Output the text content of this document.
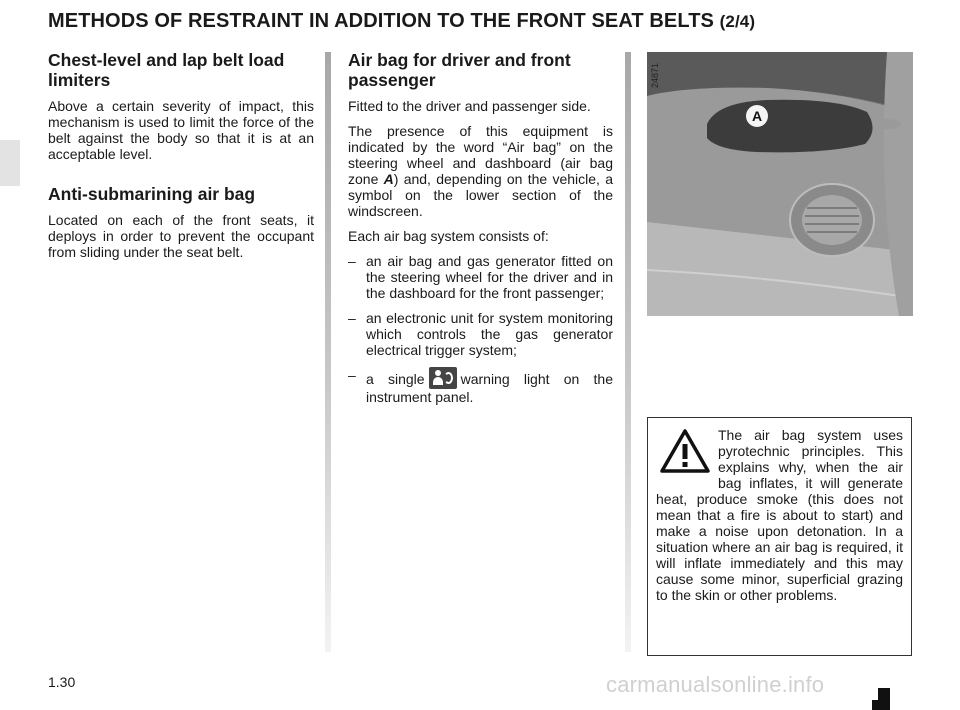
METHODS OF RESTRAINT IN ADDITION TO THE FRONT SEAT BELTS (2/4)
Chest-level and lap belt load limiters

Above a certain severity of impact, this mechanism is used to limit the force of the belt against the body so that it is at an acceptable level.

Anti-submarining air bag

Located on each of the front seats, it deploys in order to prevent the occupant from sliding under the seat belt.

Air bag for driver and front passenger

Fitted to the driver and passenger side.

The presence of this equipment is indicated by the word “Air bag” on the steering wheel and dashboard (air bag zone A) and, depending on the vehicle, a symbol on the lower section of the windscreen.

Each air bag system consists of:

– an air bag and gas generator fitted on the steering wheel for the driver and in the dashboard for the front passenger;
– an electronic unit for system monitoring which controls the gas generator electrical trigger system;
– a single	warning light on the instrument panel.
24871
A
The air bag system uses pyrotechnic principles. This explains why, when the air bag inflates, it will generate heat, produce smoke (this does not mean that a fire is about to start) and make a noise upon detonation. In a situation where an air bag is required, it will inflate immediately and this may cause some minor, superficial grazing to the skin or other problems.
1.30	carmanualsonline.info
